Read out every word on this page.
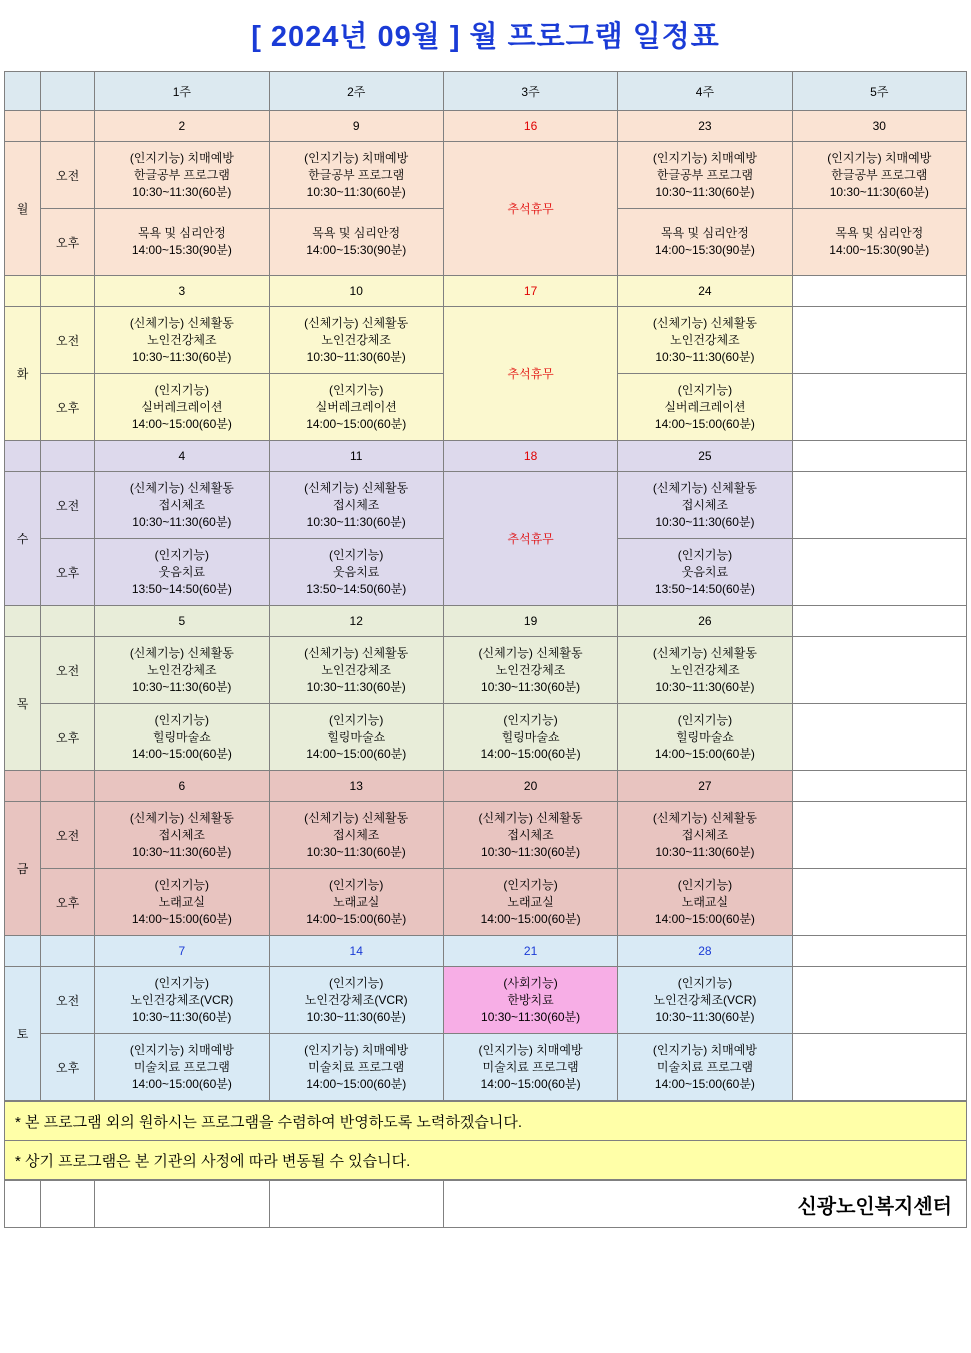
[ 2024년 09월 ] 월 프로그램 일정표
		1주	2주	3주	4주	5주
		2	9	16	23	30
월	오전	(인지기능) 치매예방
한글공부 프로그램
10:30~11:30(60분)	(인지기능) 치매예방
한글공부 프로그램
10:30~11:30(60분)	추석휴무	(인지기능) 치매예방
한글공부 프로그램
10:30~11:30(60분)	(인지기능) 치매예방
한글공부 프로그램
10:30~11:30(60분)

	오후	목욕 및 심리안정
14:00~15:30(90분)	목욕 및 심리안정
14:00~15:30(90분)		목욕 및 심리안정
14:00~15:30(90분)	목욕 및 심리안정
14:00~15:30(90분)

		3	10	17	24	
화	오전	(신체기능) 신체활동
노인건강체조
10:30~11:30(60분)	(신체기능) 신체활동
노인건강체조
10:30~11:30(60분)	추석휴무	(신체기능) 신체활동
노인건강체조
10:30~11:30(60분)	

	오후	(인지기능)
실버레크레이션
14:00~15:00(60분)	(인지기능)
실버레크레이션
14:00~15:00(60분)		(인지기능)
실버레크레이션
14:00~15:00(60분)	

		4	11	18	25	
수	오전	(신체기능) 신체활동
접시체조
10:30~11:30(60분)	(신체기능) 신체활동
접시체조
10:30~11:30(60분)	추석휴무	(신체기능) 신체활동
접시체조
10:30~11:30(60분)	

	오후	(인지기능)
웃음치료
13:50~14:50(60분)	(인지기능)
웃음치료
13:50~14:50(60분)		(인지기능)
웃음치료
13:50~14:50(60분)	

		5	12	19	26	
목	오전	(신체기능) 신체활동
노인건강체조
10:30~11:30(60분)	(신체기능) 신체활동
노인건강체조
10:30~11:30(60분)	(신체기능) 신체활동
노인건강체조
10:30~11:30(60분)	(신체기능) 신체활동
노인건강체조
10:30~11:30(60분)	

	오후	(인지기능)
힐링마술쇼
14:00~15:00(60분)	(인지기능)
힐링마술쇼
14:00~15:00(60분)	(인지기능)
힐링마술쇼
14:00~15:00(60분)	(인지기능)
힐링마술쇼
14:00~15:00(60분)	

		6	13	20	27	
금	오전	(신체기능) 신체활동
접시체조
10:30~11:30(60분)	(신체기능) 신체활동
접시체조
10:30~11:30(60분)	(신체기능) 신체활동
접시체조
10:30~11:30(60분)	(신체기능) 신체활동
접시체조
10:30~11:30(60분)	

	오후	(인지기능)
노래교실
14:00~15:00(60분)	(인지기능)
노래교실
14:00~15:00(60분)	(인지기능)
노래교실
14:00~15:00(60분)	(인지기능)
노래교실
14:00~15:00(60분)	

		7	14	21	28	
토	오전	(인지기능)
노인건강체조(VCR)
10:30~11:30(60분)	(인지기능)
노인건강체조(VCR)
10:30~11:30(60분)	(사회기능)
한방치료
10:30~11:30(60분)	(인지기능)
노인건강체조(VCR)
10:30~11:30(60분)	

	오후	(인지기능) 치매예방
미술치료 프로그램
14:00~15:00(60분)	(인지기능) 치매예방
미술치료 프로그램
14:00~15:00(60분)	(인지기능) 치매예방
미술치료 프로그램
14:00~15:00(60분)	(인지기능) 치매예방
미술치료 프로그램
14:00~15:00(60분)	

* 본 프로그램 외의 원하시는 프로그램을 수렴하여 반영하도록 노력하겠습니다.
* 상기 프로그램은 본 기관의 사정에 따라 변동될 수 있습니다.
				신광노인복지센터
